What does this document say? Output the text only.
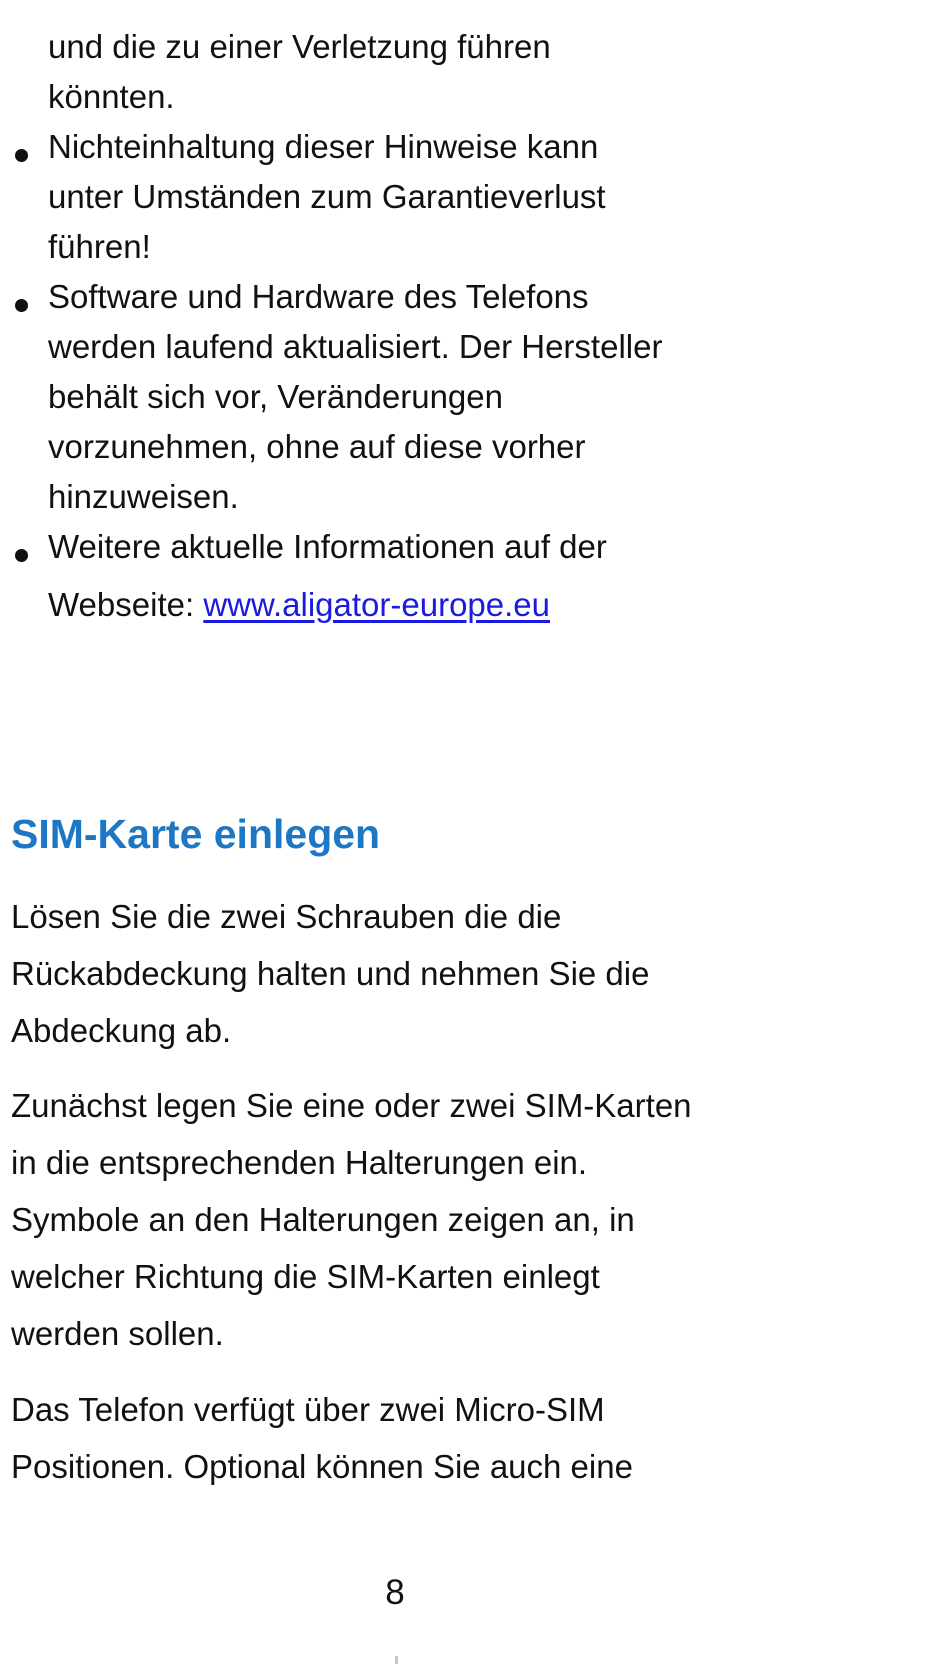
und die zu einer Verletzung führen
könnten.
Nichteinhaltung dieser Hinweise kann
unter Umständen zum Garantieverlust
führen!
Software und Hardware des Telefons
werden laufend aktualisiert. Der Hersteller
behält sich vor, Veränderungen
vorzunehmen, ohne auf diese vorher
hinzuweisen.
Weitere aktuelle Informationen auf der
Webseite: www.aligator-europe.eu
SIM-Karte einlegen
Lösen Sie die zwei Schrauben die die
Rückabdeckung halten und nehmen Sie die
Abdeckung ab.
Zunächst legen Sie eine oder zwei SIM-Karten
in die entsprechenden Halterungen ein.
Symbole an den Halterungen zeigen an, in
welcher Richtung die SIM-Karten einlegt
werden sollen.
Das Telefon verfügt über zwei Micro-SIM
Positionen. Optional können Sie auch eine
8
